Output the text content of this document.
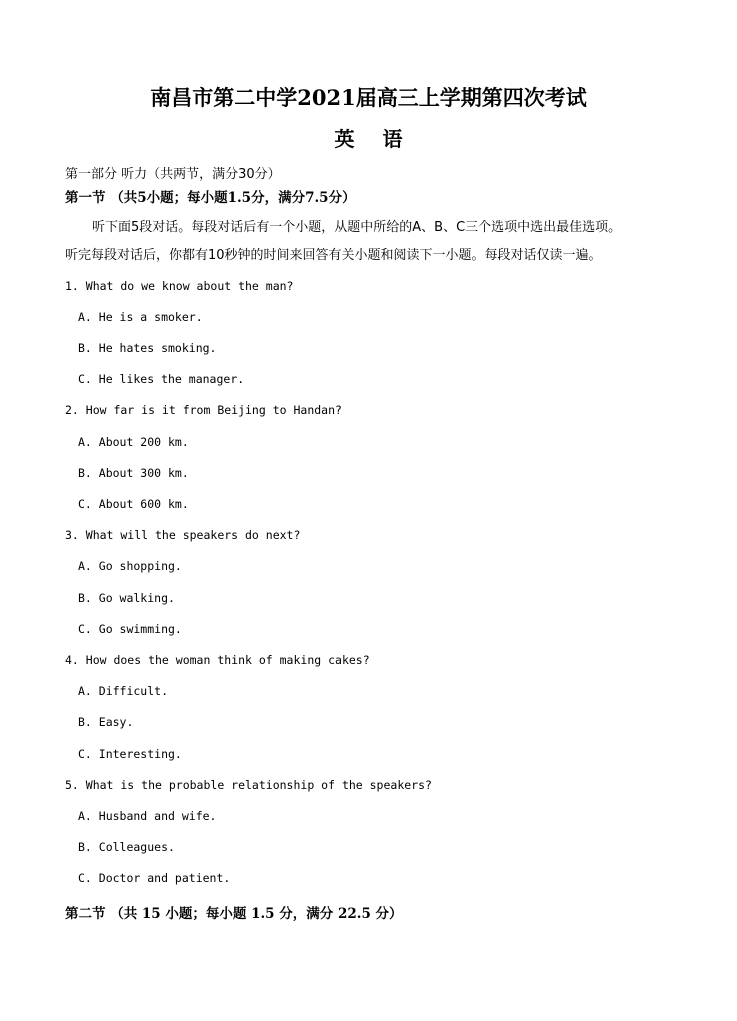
南昌市第二中学2021届高三上学期第四次考试
英 语
第一部分 听力（共两节，满分30分）
第一节 （共5小题；每小题1.5分，满分7.5分）
听下面5段对话。每段对话后有一个小题，从题中所给的A、B、C三个选项中选出最佳选项。
听完每段对话后，你都有10秒钟的时间来回答有关小题和阅读下一小题。每段对话仅读一遍。
1. What do we know about the man?
A. He is a smoker.
B. He hates smoking.
C. He likes the manager.
2. How far is it from Beijing to Handan?
A. About 200 km.
B. About 300 km.
C. About 600 km.
3. What will the speakers do next?
A. Go shopping.
B. Go walking.
C. Go swimming.
4. How does the woman think of making cakes?
A. Difficult.
B. Easy.
C. Interesting.
5. What is the probable relationship of the speakers?
A. Husband and wife.
B. Colleagues.
C. Doctor and patient.
第二节 （共 15 小题；每小题 1.5 分，满分 22.5 分）
